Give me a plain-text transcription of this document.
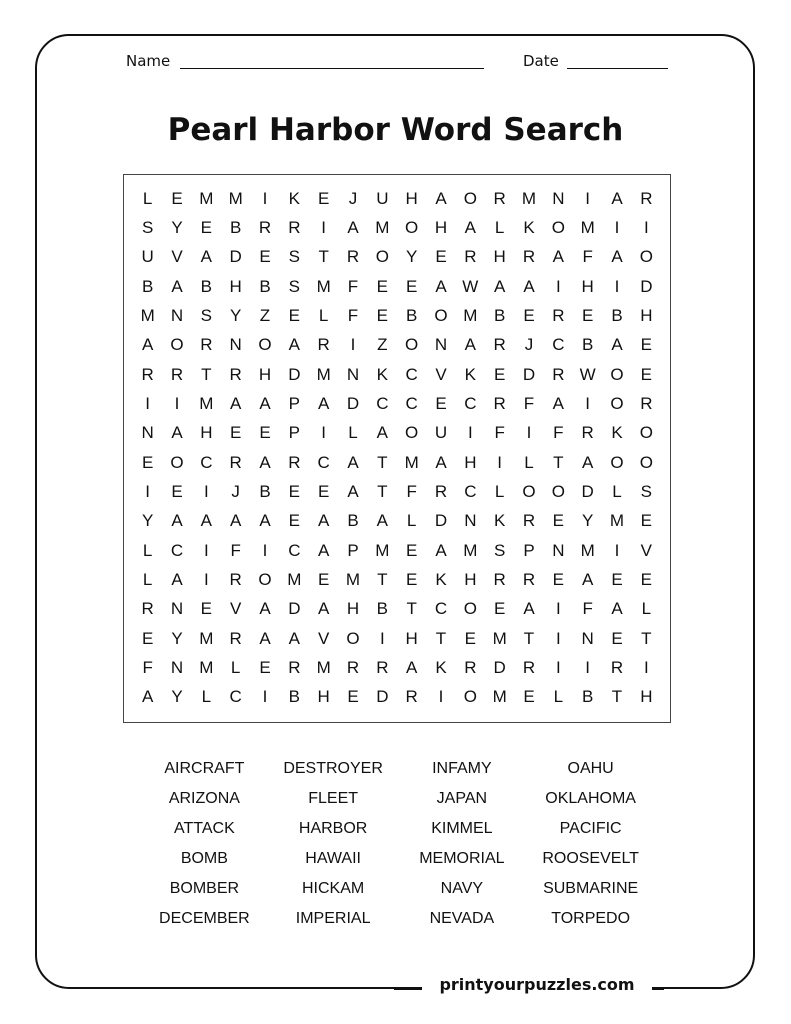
Name	Date
Pearl Harbor Word Search
L	E M M	I	K	E	J	U	H	A	O R M N	I	A	R
S	Y	E	B	R	R	I	A M O H	A	L	K	O M	I	I
U	V	A	D	E	S	T	R O	Y	E	R	H	R	A	F	A	O
B	A	B	H	B	S M	F	E	E	A W A	A	I	H	I	D
M N	S	Y	Z	E	L	F	E	B	O M B	E	R	E	B	H
A	O R	N O	A	R	I	Z	O N	A	R	J	C	B	A	E
R	R	T	R	H	D M N	K	C	V	K	E	D	R W O	E
I	I	M A	A	P	A	D	C	C	E	C	R	F	A	I	O R
N	A	H	E	E	P	I	L	A	O U	I	F	I	F	R	K	O
E	O C	R	A	R	C	A	T	M A	H	I	L	T	A	O O
I	E	I	J	B	E	E	A	T	F	R	C	L	O O D	L	S
Y	A	A	A	A	E	A	B	A	L	D	N	K	R	E	Y M E
L	C	I	F	I	C	A	P M E	A M S	P	N M	I	V
L	A	I	R O M E M	T	E	K	H	R	R	E	A	E	E
R	N	E	V	A	D	A	H	B	T	C O	E	A	I	F	A	L
E	Y M R	A	A	V	O	I	H	T	E M	T	I	N	E	T
F	N M	L	E	R M R	R	A	K	R	D	R	I	I	R	I
A	Y	L	C	I	B	H	E	D	R	I	O M E	L	B	T	H
AIRCRAFT	DESTROYER	INFAMY	OAHU
ARIZONA	FLEET	JAPAN	OKLAHOMA
ATTACK	HARBOR	KIMMEL	PACIFIC
BOMB	HAWAII	MEMORIAL	ROOSEVELT
BOMBER	HICKAM	NAVY	SUBMARINE
DECEMBER	IMPERIAL	NEVADA	TORPEDO
printyourpuzzles.com
